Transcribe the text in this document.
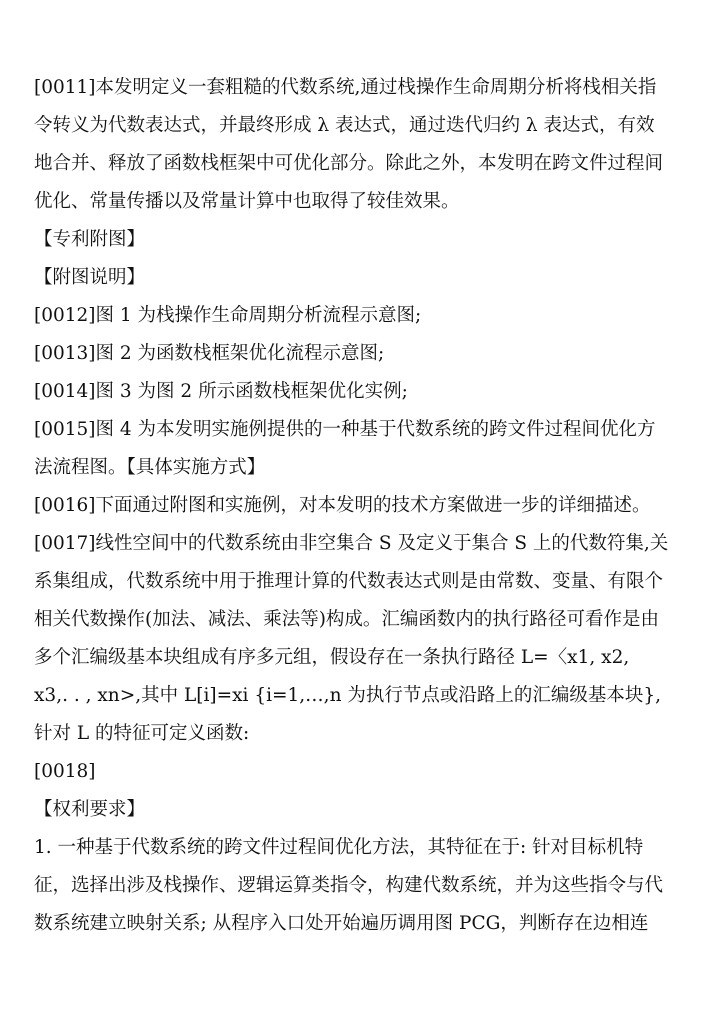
[0011]本发明定义一套粗糙的代数系统,通过栈操作生命周期分析将栈相关指
令转义为代数表达式，并最终形成 λ 表达式，通过迭代归约 λ 表达式，有效
地合并、释放了函数栈框架中可优化部分。除此之外，本发明在跨文件过程间
优化、常量传播以及常量计算中也取得了较佳效果。
【专利附图】
【附图说明】
[0012]图 1 为栈操作生命周期分析流程示意图;
[0013]图 2 为函数栈框架优化流程示意图;
[0014]图 3 为图 2 所示函数栈框架优化实例;
[0015]图 4 为本发明实施例提供的一种基于代数系统的跨文件过程间优化方
法流程图。【具体实施方式】
[0016]下面通过附图和实施例，对本发明的技术方案做进一步的详细描述。
[0017]线性空间中的代数系统由非空集合 S 及定义于集合 S 上的代数符集,关
系集组成，代数系统中用于推理计算的代数表达式则是由常数、变量、有限个
相关代数操作(加法、减法、乘法等)构成。汇编函数内的执行路径可看作是由
多个汇编级基本块组成有序多元组，假设存在一条执行路径 L=〈x1, x2,
x3,. . , xn>,其中 L[i]=xi {i=1,…,n 为执行节点或沿路上的汇编级基本块},
针对 L 的特征可定义函数:
[0018]
【权利要求】
1. 一种基于代数系统的跨文件过程间优化方法，其特征在于: 针对目标机特
征，选择出涉及栈操作、逻辑运算类指令，构建代数系统，并为这些指令与代
数系统建立映射关系; 从程序入口处开始遍历调用图 PCG，判断存在边相连
